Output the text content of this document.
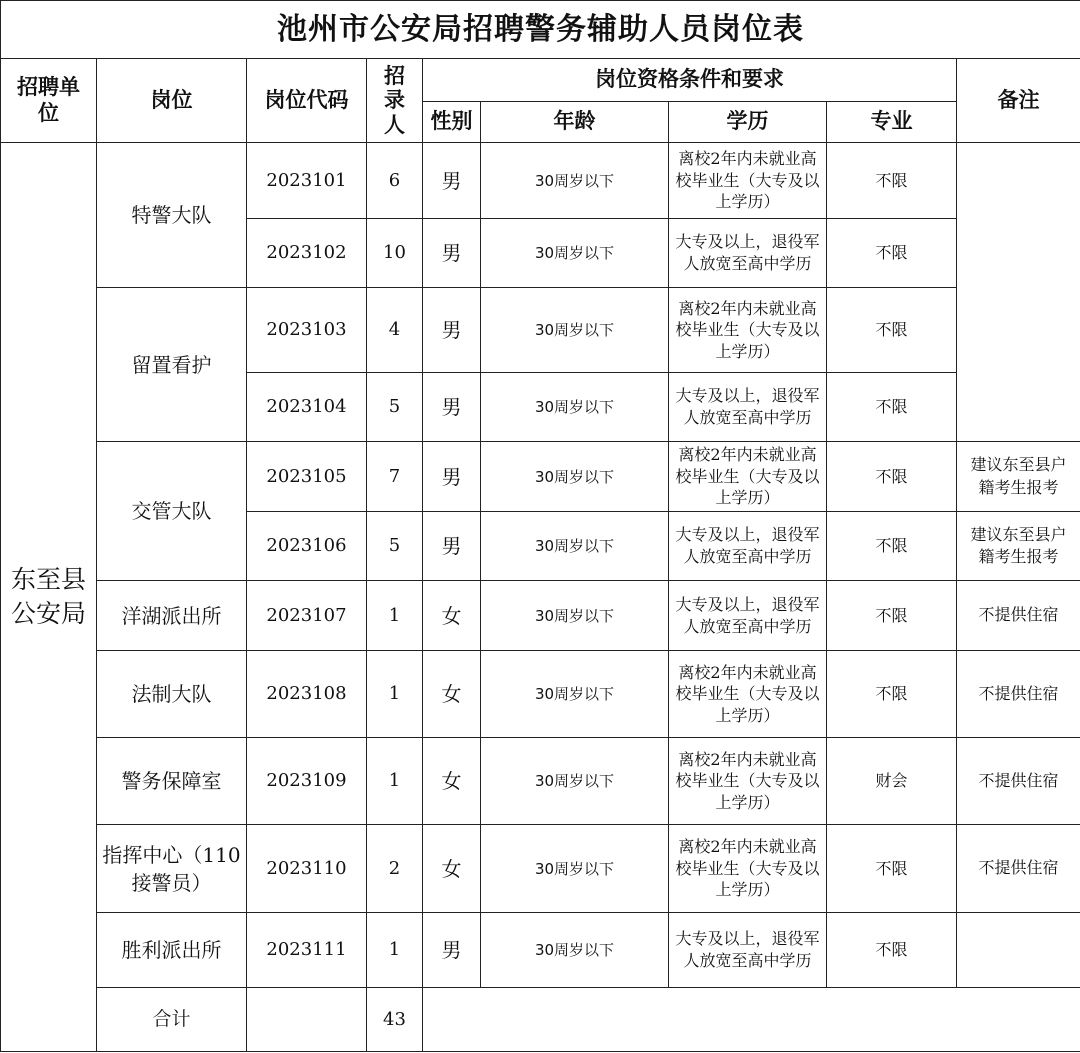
池州市公安局招聘警务辅助人员岗位表								
招聘单位	岗位	岗位代码	招录人	岗位资格条件和要求				备注
				性别	年龄	学历	专业	
东至县公安局	特警大队	2023101	6	男	30周岁以下	离校2年内未就业高校毕业生（大专及以上学历）	不限	
		2023102	10	男	30周岁以下	大专及以上，退役军人放宽至高中学历	不限	
	留置看护	2023103	4	男	30周岁以下	离校2年内未就业高校毕业生（大专及以上学历）	不限	
		2023104	5	男	30周岁以下	大专及以上，退役军人放宽至高中学历	不限	
	交管大队	2023105	7	男	30周岁以下	离校2年内未就业高校毕业生（大专及以上学历）	不限	建议东至县户籍考生报考
		2023106	5	男	30周岁以下	大专及以上，退役军人放宽至高中学历	不限	建议东至县户籍考生报考
	洋湖派出所	2023107	1	女	30周岁以下	大专及以上，退役军人放宽至高中学历	不限	不提供住宿
	法制大队	2023108	1	女	30周岁以下	离校2年内未就业高校毕业生（大专及以上学历）	不限	不提供住宿
	警务保障室	2023109	1	女	30周岁以下	离校2年内未就业高校毕业生（大专及以上学历）	财会	不提供住宿
	指挥中心（110接警员）	2023110	2	女	30周岁以下	离校2年内未就业高校毕业生（大专及以上学历）	不限	不提供住宿
	胜利派出所	2023111	1	男	30周岁以下	大专及以上，退役军人放宽至高中学历	不限	
	合计		43					
